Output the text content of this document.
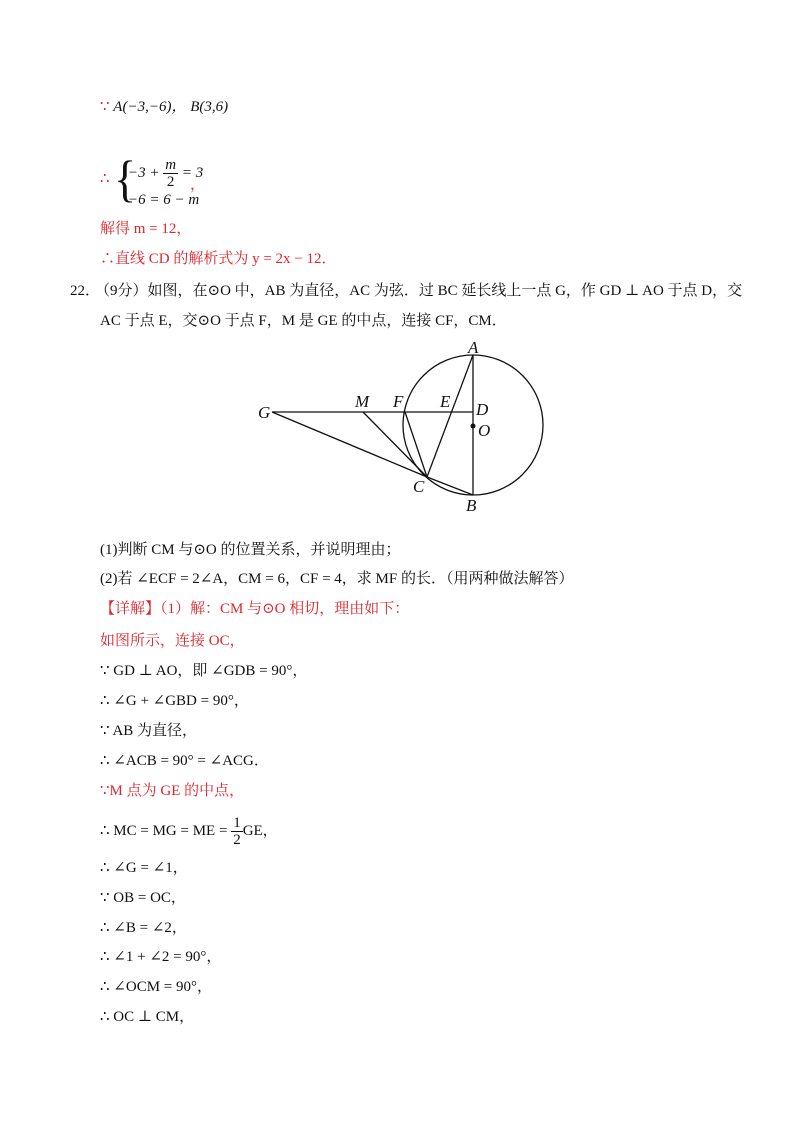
∵ A(−3,−6)， B(3,6)
∴ {
$-3 + \frac{m}{2} = 3$
−6 = 6 − m
，
解得 m = 12，
∴直线 CD 的解析式为 y = 2x − 12．
22．
（9分）如图，在⊙O 中，AB 为直径，AC 为弦．过 BC 延长线上一点 G，作 GD ⊥ AO 于点 D，交
AC 于点 E，交⊙O 于点 F，M 是 GE 的中点，连接 CF，CM．
A
B
C
D
E
F
G
M
O
(1)判断 CM 与⊙O 的位置关系，并说明理由；
(2)若 ∠ECF = 2∠A，CM = 6，CF = 4，求 MF 的长．（用两种做法解答）
【详解】（1）解：CM 与⊙O 相切，理由如下：
如图所示，连接 OC，
∵ GD ⊥ AO，即 ∠GDB = 90°，
∴ ∠G + ∠GBD = 90°，
∵ AB 为直径，
∴ ∠ACB = 90° = ∠ACG．
∵M 点为 GE 的中点，
∴ MC = MG = ME = $\frac{1}{2}$ GE，
∴ ∠G = ∠1，
∵ OB = OC，
∴ ∠B = ∠2，
∴ ∠1 + ∠2 = 90°，
∴ ∠OCM = 90°，
∴ OC ⊥ CM，
